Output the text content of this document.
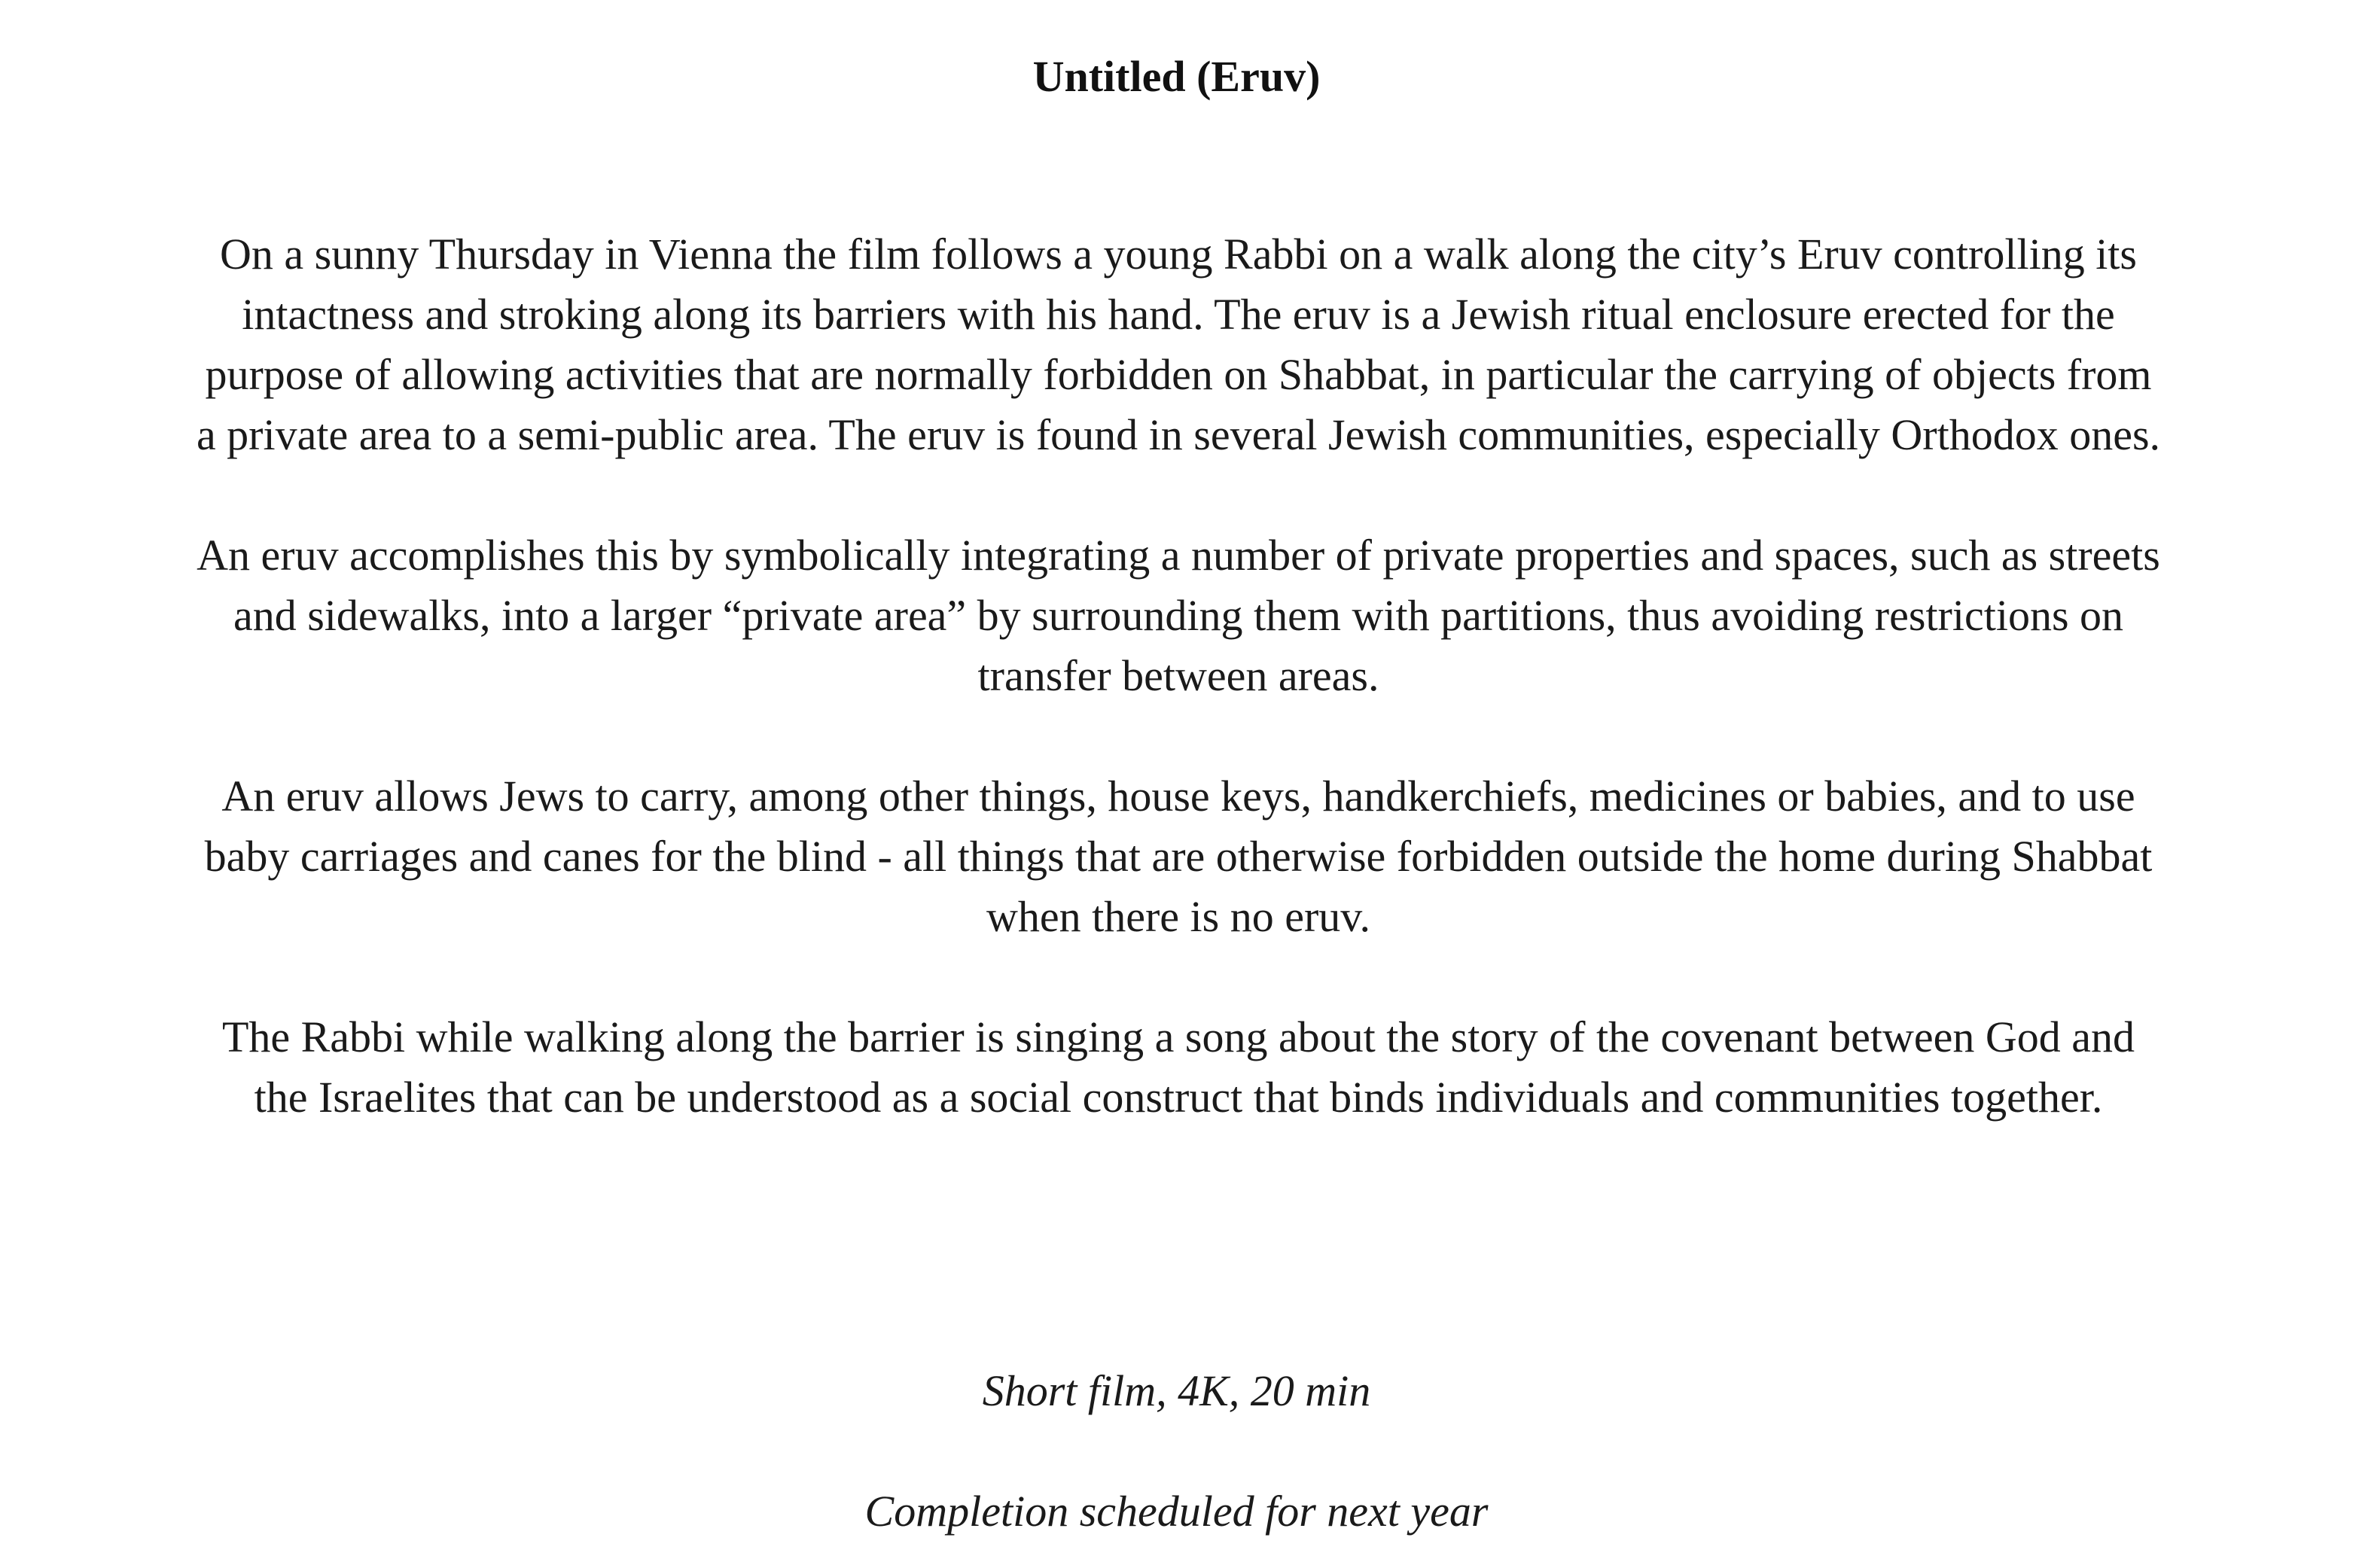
Untitled (Eruv)

On a sunny Thursday in Vienna the film follows a young Rabbi on a walk along the city’s Eruv controlling its intactness and stroking along its barriers with his hand. The eruv is a Jewish ritual enclosure erected for the purpose of allowing activities that are normally forbidden on Shabbat, in particular the carrying of objects from a private area to a semi-public area. The eruv is found in several Jewish communities, especially Orthodox ones.

An eruv accomplishes this by symbolically integrating a number of private properties and spaces, such as streets and sidewalks, into a larger “private area” by surrounding them with partitions, thus avoiding restrictions on transfer between areas.

An eruv allows Jews to carry, among other things, house keys, handkerchiefs, medicines or babies, and to use baby carriages and canes for the blind - all things that are otherwise forbidden outside the home during Shabbat when there is no eruv.

The Rabbi while walking along the barrier is singing a song about the story of the covenant between God and the Israelites that can be understood as a social construct that binds individuals and communities together.

Short film, 4K, 20 min

Completion scheduled for next year
